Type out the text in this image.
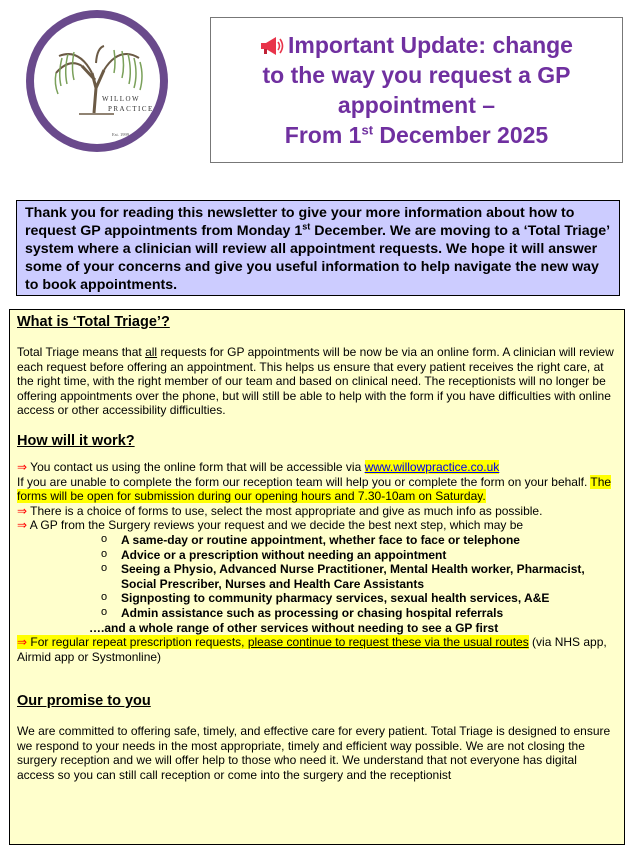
WILLOW
PRACTICE
Est. 1999
Important Update: change
to the way you request a GP
appointment –
From 1st December 2025
Thank you for reading this newsletter to give your more information about how to request GP appointments from Monday 1st December. We are moving to a ‘Total Triage’ system where a clinician will review all appointment requests. We hope it will answer some of your concerns and give you useful information to help navigate the new way to book appointments.
What is ‘Total Triage’?

Total Triage means that all requests for GP appointments will be now be via an online form. A clinician will review each request before offering an appointment. This helps us ensure that every patient receives the right care, at the right time, with the right member of our team and based on clinical need. The receptionists will no longer be offering appointments over the phone, but will still be able to help with the form if you have difficulties with online access or other accessibility difficulties.

How will it work?
⇒ You contact us using the online form that will be accessible via www.willowpractice.co.uk
If you are unable to complete the form our reception team will help you or complete the form on your behalf. The forms will be open for submission during our opening hours and 7.30-10am on Saturday.
⇒ There is a choice of forms to use, select the most appropriate and give as much info as possible.
⇒ A GP from the Surgery reviews your request and we decide the best next step, which may be
o A same-day or routine appointment, whether face to face or telephone
o Advice or a prescription without needing an appointment
o Seeing a Physio, Advanced Nurse Practitioner, Mental Health worker, Pharmacist,
Social Prescriber, Nurses and Health Care Assistants
o Signposting to community pharmacy services, sexual health services, A&E
o Admin assistance such as processing or chasing hospital referrals
….and a whole range of other services without needing to see a GP first
⇒ For regular repeat prescription requests, please continue to request these via the usual routes (via NHS app, Airmid app or Systmonline)
Our promise to you

We are committed to offering safe, timely, and effective care for every patient. Total Triage is designed to ensure we respond to your needs in the most appropriate, timely and efficient way possible. We are not closing the surgery reception and we will offer help to those who need it. We understand that not everyone has digital access so you can still call reception or come into the surgery and the receptionist
